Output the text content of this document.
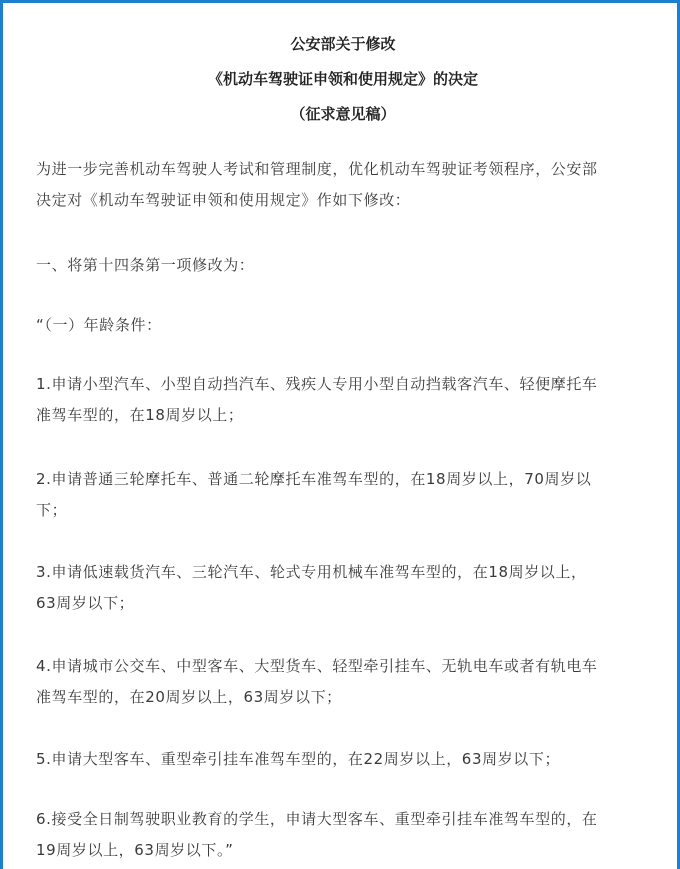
公安部关于修改
《机动车驾驶证申领和使用规定》的决定
（征求意见稿）
为进一步完善机动车驾驶人考试和管理制度，优化机动车驾驶证考领程序，公安部
决定对《机动车驾驶证申领和使用规定》作如下修改：
一、将第十四条第一项修改为：
“（一）年龄条件：
1.申请小型汽车、小型自动挡汽车、残疾人专用小型自动挡载客汽车、轻便摩托车
准驾车型的，在18周岁以上；
2.申请普通三轮摩托车、普通二轮摩托车准驾车型的，在18周岁以上，70周岁以
下；
3.申请低速载货汽车、三轮汽车、轮式专用机械车准驾车型的，在18周岁以上，
63周岁以下；
4.申请城市公交车、中型客车、大型货车、轻型牵引挂车、无轨电车或者有轨电车
准驾车型的，在20周岁以上，63周岁以下；
5.申请大型客车、重型牵引挂车准驾车型的，在22周岁以上，63周岁以下；
6.接受全日制驾驶职业教育的学生，申请大型客车、重型牵引挂车准驾车型的，在
19周岁以上，63周岁以下。”
